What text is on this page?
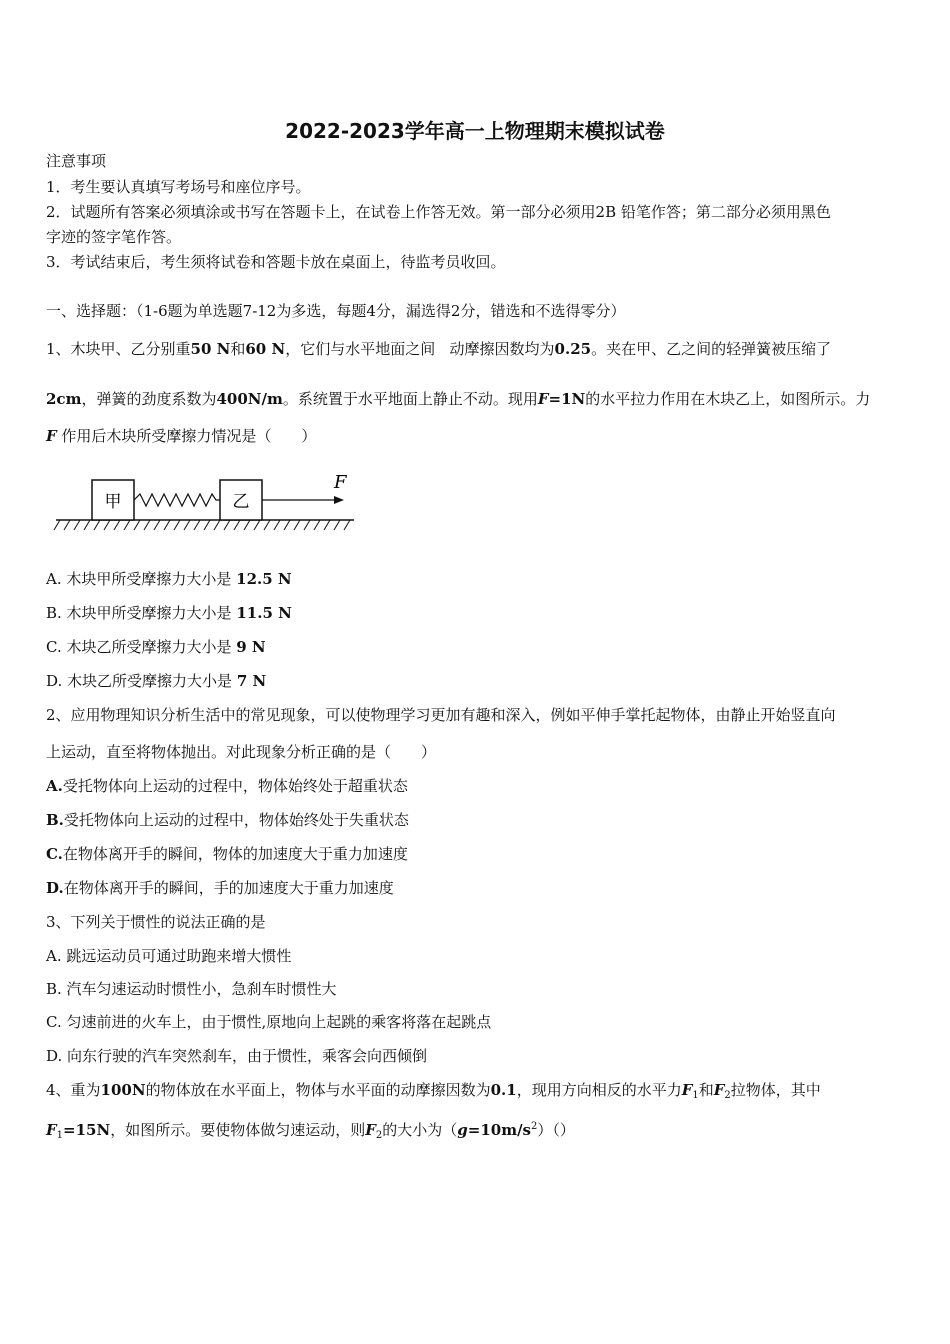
2022-2023学年高一上物理期末模拟试卷
注意事项
1．考生要认真填写考场号和座位序号。
2．试题所有答案必须填涂或书写在答题卡上，在试卷上作答无效。第一部分必须用2B 铅笔作答；第二部分必须用黑色
字迹的签字笔作答。
3．考试结束后，考生须将试卷和答题卡放在桌面上，待监考员收回。
一、选择题：（1-6题为单选题7-12为多选，每题4分，漏选得2分，错选和不选得零分）
1、木块甲、乙分别重50 N和60 N，它们与水平地面之间 动摩擦因数均为0.25。夹在甲、乙之间的轻弹簧被压缩了
2cm，弹簧的劲度系数为400N/m。系统置于水平地面上静止不动。现用F=1N的水平拉力作用在木块乙上，如图所示。力
F 作用后木块所受摩擦力情况是（　　）
甲	乙
F
A. 木块甲所受摩擦力大小是 12.5 N
B. 木块甲所受摩擦力大小是 11.5 N
C. 木块乙所受摩擦力大小是 9 N
D. 木块乙所受摩擦力大小是 7 N
2、应用物理知识分析生活中的常见现象，可以使物理学习更加有趣和深入，例如平伸手掌托起物体，由静止开始竖直向
上运动，直至将物体抛出。对此现象分析正确的是（　　）
A.受托物体向上运动的过程中，物体始终处于超重状态
B.受托物体向上运动的过程中，物体始终处于失重状态
C.在物体离开手的瞬间，物体的加速度大于重力加速度
D.在物体离开手的瞬间，手的加速度大于重力加速度
3、下列关于惯性的说法正确的是
A. 跳远运动员可通过助跑来增大惯性
B. 汽车匀速运动时惯性小，急刹车时惯性大
C. 匀速前进的火车上，由于惯性,原地向上起跳的乘客将落在起跳点
D. 向东行驶的汽车突然刹车，由于惯性，乘客会向西倾倒
4、重为100N的物体放在水平面上，物体与水平面的动摩擦因数为0.1，现用方向相反的水平力$F_1$和$F_2$拉物体，其中
$F_1=15N$，如图所示。要使物体做匀速运动，则$F_2$的大小为$(g=10m/s^2)()$
